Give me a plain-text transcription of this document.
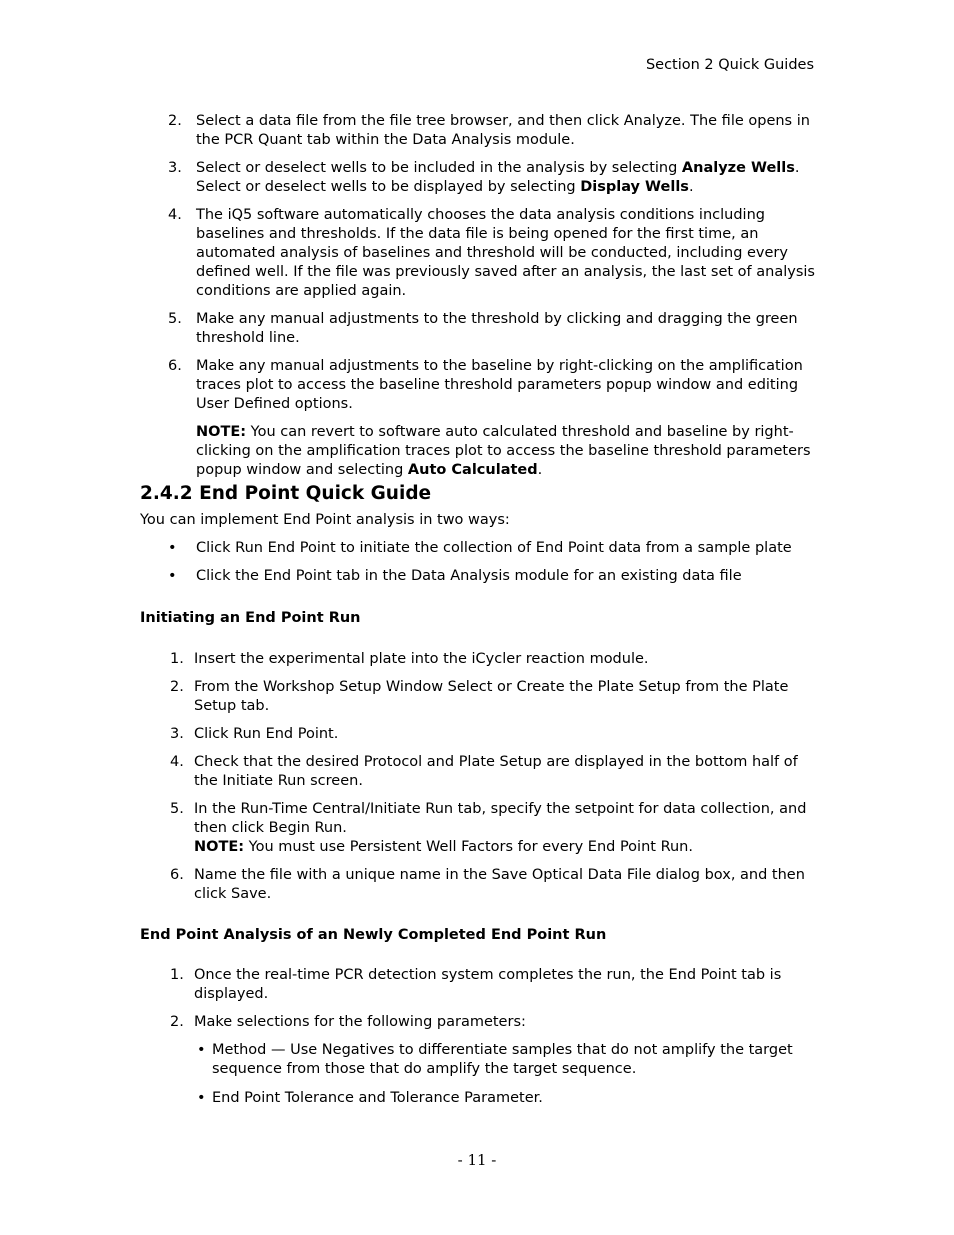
Section 2 Quick Guides
2. Select a data file from the file tree browser, and then click Analyze. The file opens in the PCR Quant tab within the Data Analysis module.
3. Select or deselect wells to be included in the analysis by selecting Analyze Wells. Select or deselect wells to be displayed by selecting Display Wells.
4. The iQ5 software automatically chooses the data analysis conditions including baselines and thresholds. If the data file is being opened for the first time, an automated analysis of baselines and threshold will be conducted, including every defined well. If the file was previously saved after an analysis, the last set of analysis conditions are applied again.
5. Make any manual adjustments to the threshold by clicking and dragging the green threshold line.
6. Make any manual adjustments to the baseline by right-clicking on the amplification traces plot to access the baseline threshold parameters popup window and editing User Defined options.
NOTE: You can revert to software auto calculated threshold and baseline by right-clicking on the amplification traces plot to access the baseline threshold parameters popup window and selecting Auto Calculated.
2.4.2 End Point Quick Guide
You can implement End Point analysis in two ways:
• Click Run End Point to initiate the collection of End Point data from a sample plate
• Click the End Point tab in the Data Analysis module for an existing data file
Initiating an End Point Run
1. Insert the experimental plate into the iCycler reaction module.
2. From the Workshop Setup Window Select or Create the Plate Setup from the Plate Setup tab.
3. Click Run End Point.
4. Check that the desired Protocol and Plate Setup are displayed in the bottom half of the Initiate Run screen.
5. In the Run-Time Central/Initiate Run tab, specify the setpoint for data collection, and then click Begin Run.
NOTE: You must use Persistent Well Factors for every End Point Run.
6. Name the file with a unique name in the Save Optical Data File dialog box, and then click Save.
End Point Analysis of an Newly Completed End Point Run
1. Once the real-time PCR detection system completes the run, the End Point tab is displayed.
2. Make selections for the following parameters:
• Method — Use Negatives to differentiate samples that do not amplify the target sequence from those that do amplify the target sequence.
• End Point Tolerance and Tolerance Parameter.
- 11 -
